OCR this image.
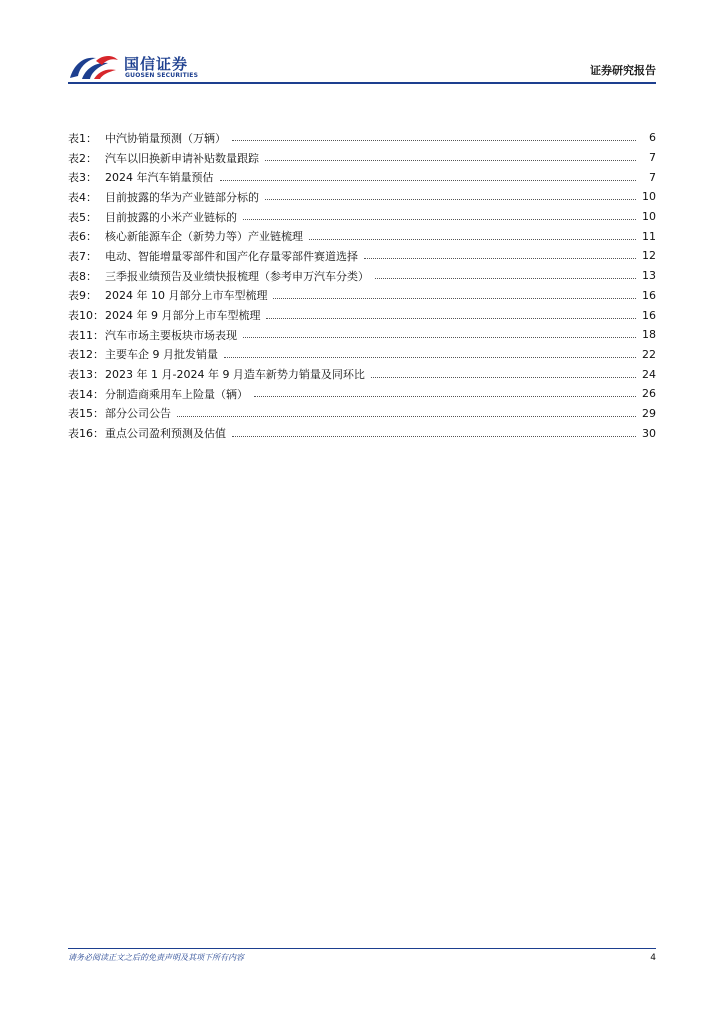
国信证券
GUOSEN SECURITIES	证券研究报告
表1： 中汽协销量预测（万辆）	6
表2： 汽车以旧换新申请补贴数量跟踪	7
表3： 2024 年汽车销量预估	7
表4： 目前披露的华为产业链部分标的	10
表5： 目前披露的小米产业链标的	10
表6： 核心新能源车企（新势力等）产业链梳理	11
表7： 电动、智能增量零部件和国产化存量零部件赛道选择	12
表8： 三季报业绩预告及业绩快报梳理（参考申万汽车分类）	13
表9： 2024 年 10 月部分上市车型梳理	16
表10： 2024 年 9 月部分上市车型梳理	16
表11： 汽车市场主要板块市场表现	18
表12： 主要车企 9 月批发销量	22
表13： 2023 年 1 月-2024 年 9 月造车新势力销量及同环比	24
表14： 分制造商乘用车上险量（辆）	26
表15： 部分公司公告	29
表16： 重点公司盈利预测及估值	30
请务必阅读正文之后的免责声明及其项下所有内容	4
